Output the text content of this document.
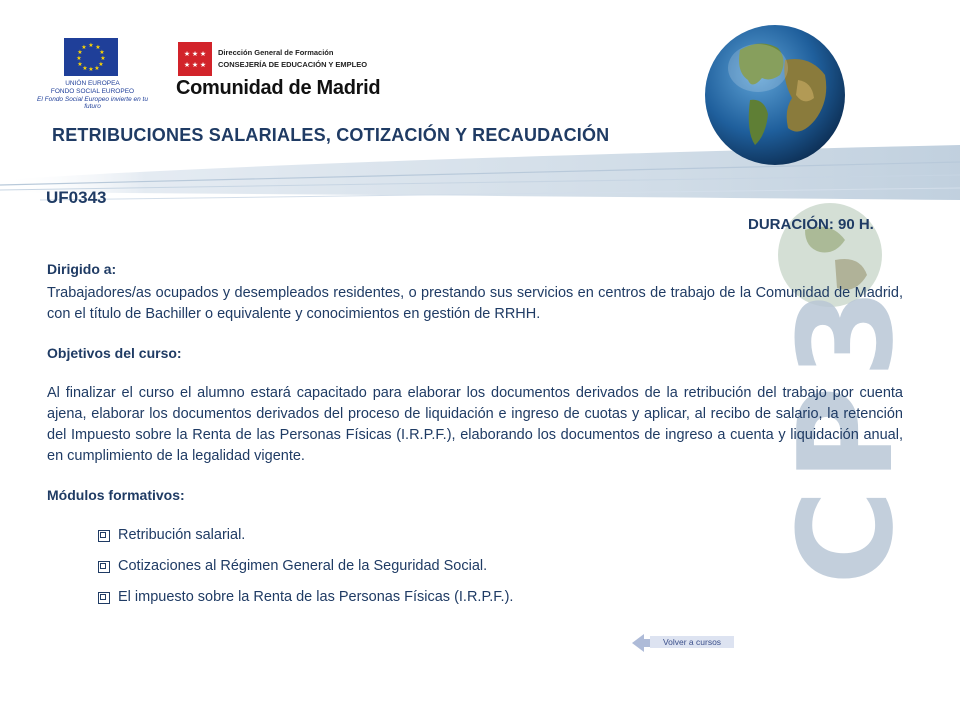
CP3
★ ★
★
★
★
★
★
★
★
★
★
★
UNIÓN EUROPEA
FONDO SOCIAL EUROPEO
El Fondo Social Europeo invierte en tu futuro
★ ★ ★
★ ★ ★
Dirección General de Formación
CONSEJERÍA DE EDUCACIÓN Y EMPLEO
Comunidad de Madrid
RETRIBUCIONES SALARIALES, COTIZACIÓN Y RECAUDACIÓN
UF0343
DURACIÓN: 90 H.
Dirigido a:
Trabajadores/as ocupados y desempleados residentes, o prestando sus servicios en centros de trabajo de la Comunidad de Madrid, con el título de Bachiller o equivalente y conocimientos en gestión de RRHH.
Objetivos del curso:
Al finalizar el curso el alumno estará capacitado para elaborar los documentos derivados de la retribución del trabajo por cuenta ajena, elaborar los documentos derivados del proceso de liquidación e ingreso de cuotas y aplicar, al recibo de salario, la retención del Impuesto sobre la Renta de las Personas Físicas (I.R.P.F.), elaborando los documentos de ingreso a cuenta y liquidación anual, en cumplimiento de la legalidad vigente.
Módulos formativos:
Retribución salarial.
Cotizaciones al Régimen General de la Seguridad Social.
El impuesto sobre la Renta de las Personas Físicas (I.R.P.F.).
Volver a cursos
